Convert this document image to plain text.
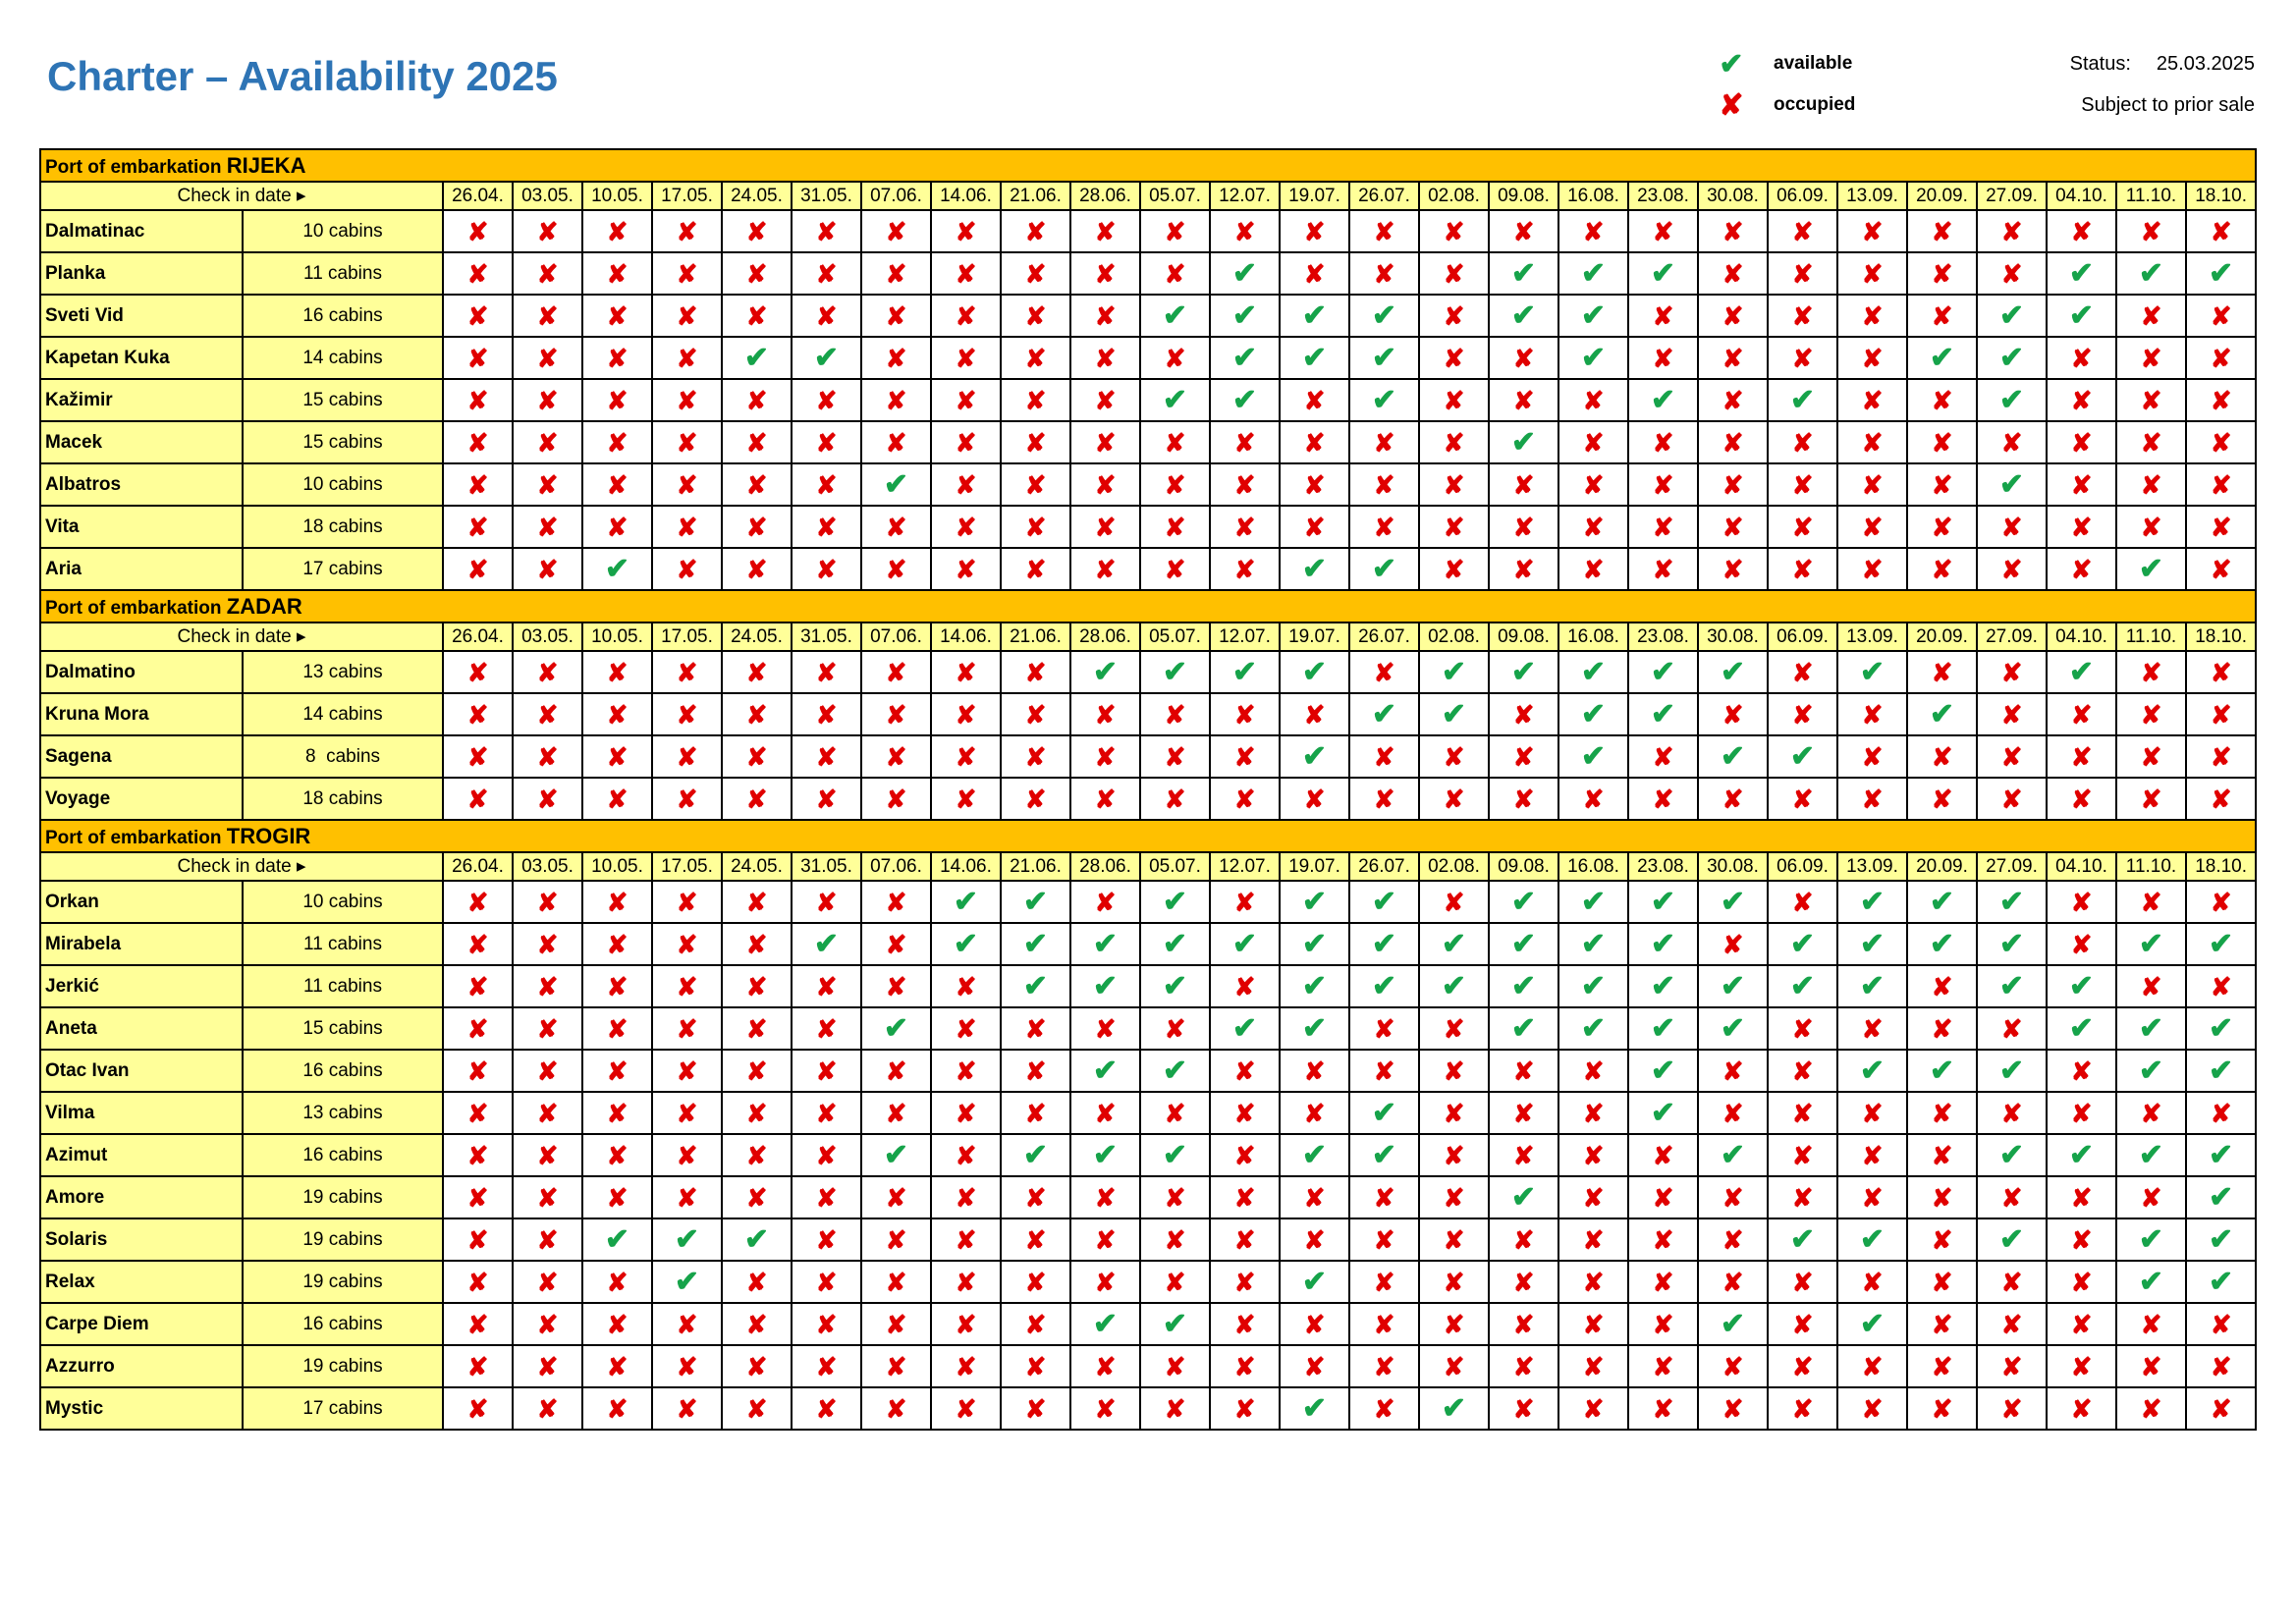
Charter – Availability 2025	✔	available
✘	occupied
Status: 25.03.2025
Subject to prior sale
Port of embarkation RIJEKA																											
Check in date ▸		26.04.	03.05.	10.05.	17.05.	24.05.	31.05.	07.06.	14.06.	21.06.	28.06.	05.07.	12.07.	19.07.	26.07.	02.08.	09.08.	16.08.	23.08.	30.08.	06.09.	13.09.	20.09.	27.09.	04.10.	11.10.	18.10.
Dalmatinac	10 cabins	✘	✘	✘	✘	✘	✘	✘	✘	✘	✘	✘	✘	✘	✘	✘	✘	✘	✘	✘	✘	✘	✘	✘	✘	✘	✘
Planka	11 cabins	✘	✘	✘	✘	✘	✘	✘	✘	✘	✘	✘	✔	✘	✘	✘	✔	✔	✔	✘	✘	✘	✘	✘	✔	✔	✔
Sveti Vid	16 cabins	✘	✘	✘	✘	✘	✘	✘	✘	✘	✘	✔	✔	✔	✔	✘	✔	✔	✘	✘	✘	✘	✘	✔	✔	✘	✘
Kapetan Kuka	14 cabins	✘	✘	✘	✘	✔	✔	✘	✘	✘	✘	✘	✔	✔	✔	✘	✘	✔	✘	✘	✘	✘	✔	✔	✘	✘	✘
Kažimir	15 cabins	✘	✘	✘	✘	✘	✘	✘	✘	✘	✘	✔	✔	✘	✔	✘	✘	✘	✔	✘	✔	✘	✘	✔	✘	✘	✘
Macek	15 cabins	✘	✘	✘	✘	✘	✘	✘	✘	✘	✘	✘	✘	✘	✘	✘	✔	✘	✘	✘	✘	✘	✘	✘	✘	✘	✘
Albatros	10 cabins	✘	✘	✘	✘	✘	✘	✔	✘	✘	✘	✘	✘	✘	✘	✘	✘	✘	✘	✘	✘	✘	✘	✔	✘	✘	✘
Vita	18 cabins	✘	✘	✘	✘	✘	✘	✘	✘	✘	✘	✘	✘	✘	✘	✘	✘	✘	✘	✘	✘	✘	✘	✘	✘	✘	✘
Aria	17 cabins	✘	✘	✔	✘	✘	✘	✘	✘	✘	✘	✘	✘	✔	✔	✘	✘	✘	✘	✘	✘	✘	✘	✘	✘	✔	✘
Port of embarkation ZADAR																											
Check in date ▸		26.04.	03.05.	10.05.	17.05.	24.05.	31.05.	07.06.	14.06.	21.06.	28.06.	05.07.	12.07.	19.07.	26.07.	02.08.	09.08.	16.08.	23.08.	30.08.	06.09.	13.09.	20.09.	27.09.	04.10.	11.10.	18.10.
Dalmatino	13 cabins	✘	✘	✘	✘	✘	✘	✘	✘	✘	✔	✔	✔	✔	✘	✔	✔	✔	✔	✔	✘	✔	✘	✘	✔	✘	✘
Kruna Mora	14 cabins	✘	✘	✘	✘	✘	✘	✘	✘	✘	✘	✘	✘	✘	✔	✔	✘	✔	✔	✘	✘	✘	✔	✘	✘	✘	✘
Sagena	8  cabins	✘	✘	✘	✘	✘	✘	✘	✘	✘	✘	✘	✘	✔	✘	✘	✘	✔	✘	✔	✔	✘	✘	✘	✘	✘	✘
Voyage	18 cabins	✘	✘	✘	✘	✘	✘	✘	✘	✘	✘	✘	✘	✘	✘	✘	✘	✘	✘	✘	✘	✘	✘	✘	✘	✘	✘
Port of embarkation TROGIR																											
Check in date ▸		26.04.	03.05.	10.05.	17.05.	24.05.	31.05.	07.06.	14.06.	21.06.	28.06.	05.07.	12.07.	19.07.	26.07.	02.08.	09.08.	16.08.	23.08.	30.08.	06.09.	13.09.	20.09.	27.09.	04.10.	11.10.	18.10.
Orkan	10 cabins	✘	✘	✘	✘	✘	✘	✘	✔	✔	✘	✔	✘	✔	✔	✘	✔	✔	✔	✔	✘	✔	✔	✔	✘	✘	✘
Mirabela	11 cabins	✘	✘	✘	✘	✘	✔	✘	✔	✔	✔	✔	✔	✔	✔	✔	✔	✔	✔	✘	✔	✔	✔	✔	✘	✔	✔
Jerkić	11 cabins	✘	✘	✘	✘	✘	✘	✘	✘	✔	✔	✔	✘	✔	✔	✔	✔	✔	✔	✔	✔	✔	✘	✔	✔	✘	✘
Aneta	15 cabins	✘	✘	✘	✘	✘	✘	✔	✘	✘	✘	✘	✔	✔	✘	✘	✔	✔	✔	✔	✘	✘	✘	✘	✔	✔	✔
Otac Ivan	16 cabins	✘	✘	✘	✘	✘	✘	✘	✘	✘	✔	✔	✘	✘	✘	✘	✘	✘	✔	✘	✘	✔	✔	✔	✘	✔	✔
Vilma	13 cabins	✘	✘	✘	✘	✘	✘	✘	✘	✘	✘	✘	✘	✘	✔	✘	✘	✘	✔	✘	✘	✘	✘	✘	✘	✘	✘
Azimut	16 cabins	✘	✘	✘	✘	✘	✘	✔	✘	✔	✔	✔	✘	✔	✔	✘	✘	✘	✘	✔	✘	✘	✘	✔	✔	✔	✔
Amore	19 cabins	✘	✘	✘	✘	✘	✘	✘	✘	✘	✘	✘	✘	✘	✘	✘	✔	✘	✘	✘	✘	✘	✘	✘	✘	✘	✔
Solaris	19 cabins	✘	✘	✔	✔	✔	✘	✘	✘	✘	✘	✘	✘	✘	✘	✘	✘	✘	✘	✘	✔	✔	✘	✔	✘	✔	✔
Relax	19 cabins	✘	✘	✘	✔	✘	✘	✘	✘	✘	✘	✘	✘	✔	✘	✘	✘	✘	✘	✘	✘	✘	✘	✘	✘	✔	✔
Carpe Diem	16 cabins	✘	✘	✘	✘	✘	✘	✘	✘	✘	✔	✔	✘	✘	✘	✘	✘	✘	✘	✔	✘	✔	✘	✘	✘	✘	✘
Azzurro	19 cabins	✘	✘	✘	✘	✘	✘	✘	✘	✘	✘	✘	✘	✘	✘	✘	✘	✘	✘	✘	✘	✘	✘	✘	✘	✘	✘
Mystic	17 cabins	✘	✘	✘	✘	✘	✘	✘	✘	✘	✘	✘	✘	✔	✘	✔	✘	✘	✘	✘	✘	✘	✘	✘	✘	✘	✘
